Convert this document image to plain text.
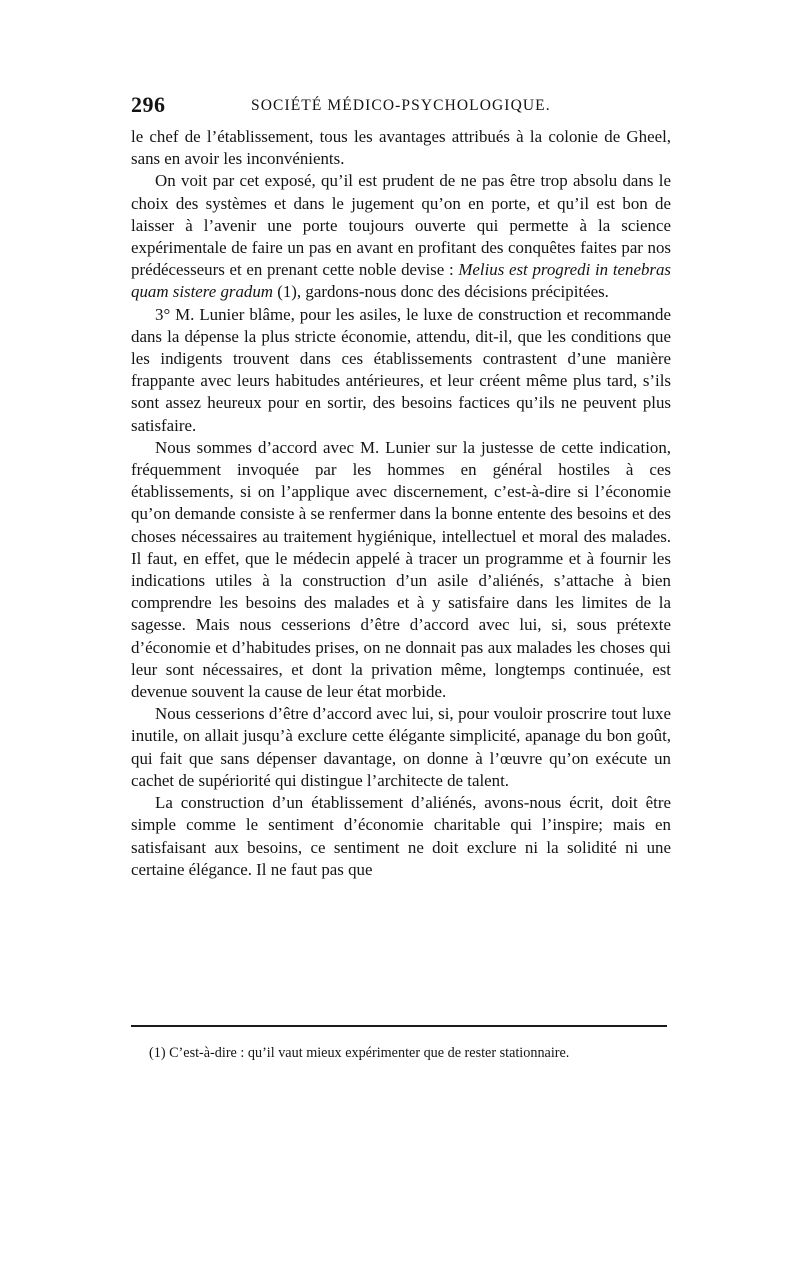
296	SOCIÉTÉ MÉDICO-PSYCHOLOGIQUE.

le chef de l’établissement, tous les avantages attribués à la colonie de Gheel, sans en avoir les inconvénients.

On voit par cet exposé, qu’il est prudent de ne pas être trop absolu dans le choix des systèmes et dans le jugement qu’on en porte, et qu’il est bon de laisser à l’avenir une porte toujours ouverte qui permette à la science expérimentale de faire un pas en avant en profitant des conquêtes faites par nos prédécesseurs et en prenant cette noble devise : Melius est progredi in tenebras quam sistere gradum (1), gardons-nous donc des décisions précipitées.

3° M. Lunier blâme, pour les asiles, le luxe de construction et recommande dans la dépense la plus stricte économie, attendu, dit-il, que les conditions que les indigents trouvent dans ces établissements contrastent d’une manière frappante avec leurs habitudes antérieures, et leur créent même plus tard, s’ils sont assez heureux pour en sortir, des besoins factices qu’ils ne peuvent plus satisfaire.

Nous sommes d’accord avec M. Lunier sur la justesse de cette indication, fréquemment invoquée par les hommes en général hostiles à ces établissements, si on l’applique avec discernement, c’est-à-dire si l’économie qu’on demande consiste à se renfermer dans la bonne entente des besoins et des choses nécessaires au traitement hygiénique, intellectuel et moral des malades. Il faut, en effet, que le médecin appelé à tracer un programme et à fournir les indications utiles à la construction d’un asile d’aliénés, s’attache à bien comprendre les besoins des malades et à y satisfaire dans les limites de la sagesse. Mais nous cesserions d’être d’accord avec lui, si, sous prétexte d’économie et d’habitudes prises, on ne donnait pas aux malades les choses qui leur sont nécessaires, et dont la privation même, longtemps continuée, est devenue souvent la cause de leur état morbide.

Nous cesserions d’être d’accord avec lui, si, pour vouloir proscrire tout luxe inutile, on allait jusqu’à exclure cette élégante simplicité, apanage du bon goût, qui fait que sans dépenser davantage, on donne à l’œuvre qu’on exécute un cachet de supériorité qui distingue l’architecte de talent.

La construction d’un établissement d’aliénés, avons-nous écrit, doit être simple comme le sentiment d’économie charitable qui l’inspire; mais en satisfaisant aux besoins, ce sentiment ne doit exclure ni la solidité ni une certaine élégance. Il ne faut pas que

(1) C’est-à-dire : qu’il vaut mieux expérimenter que de rester stationnaire.
